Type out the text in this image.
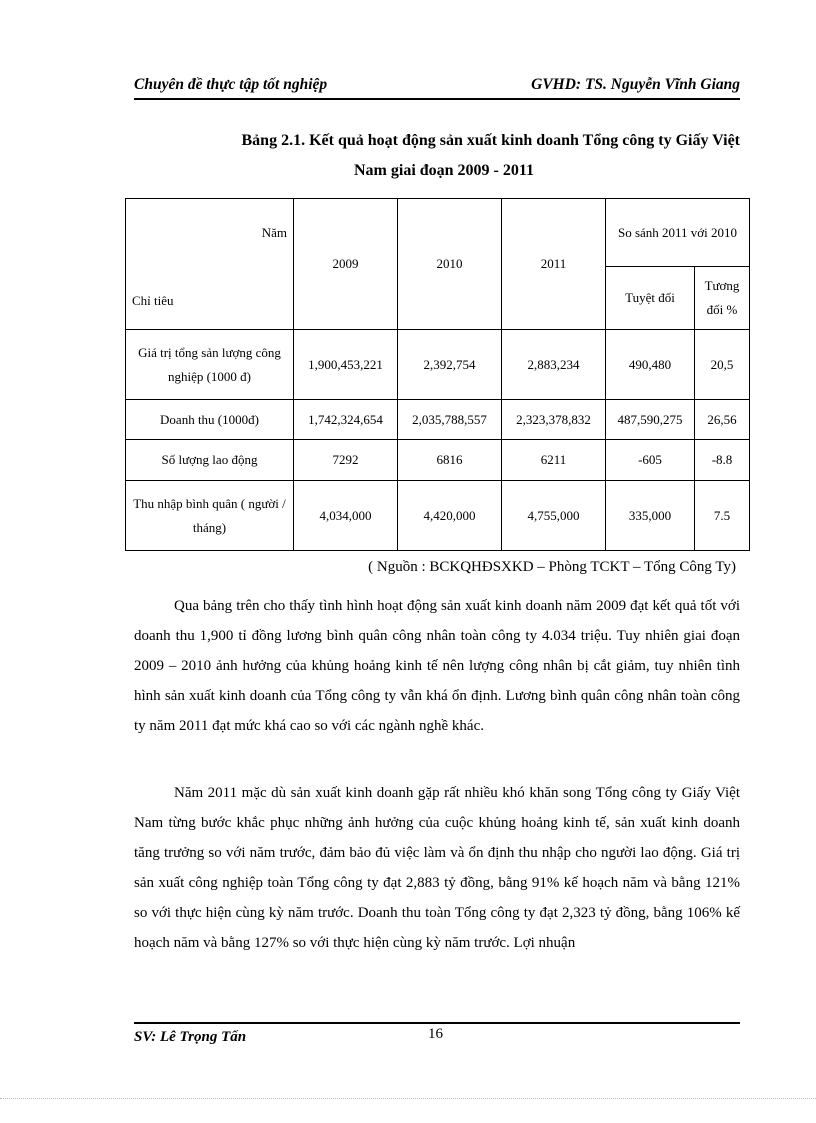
Chuyên đề thực tập tốt nghiệp	GVHD: TS. Nguyễn Vĩnh Giang
Bảng 2.1. Kết quả hoạt động sản xuất kinh doanh Tổng công ty Giấy Việt
Nam giai đoạn 2009 - 2011
Năm
Chỉ tiêu	2009	2010	2011	So sánh 2011 với 2010	
				Tuyệt đối	Tương đối %
Giá trị tổng sản lượng công nghiệp (1000 đ)	1,900,453,221	2,392,754	2,883,234	490,480	20,5
Doanh thu (1000đ)	1,742,324,654	2,035,788,557	2,323,378,832	487,590,275	26,56
Số lượng lao động	7292	6816	6211	-605	-8.8
Thu nhập bình quân ( người / tháng)	4,034,000	4,420,000	4,755,000	335,000	7.5
( Nguồn : BCKQHĐSXKD – Phòng TCKT – Tổng Công Ty)

Qua bảng trên cho thấy tình hình hoạt động sản xuất kinh doanh năm 2009 đạt kết quả tốt với doanh thu 1,900 tỉ đồng lương bình quân công nhân toàn công ty 4.034 triệu. Tuy nhiên giai đoạn 2009 – 2010 ảnh hưởng của khủng hoảng kinh tế nên lượng công nhân bị cắt giảm, tuy nhiên tình hình sản xuất kinh doanh của Tổng công ty vẫn khá ổn định. Lương bình quân công nhân toàn công ty năm 2011 đạt mức khá cao so với các ngành nghề khác.

Năm 2011 mặc dù sản xuất kinh doanh gặp rất nhiều khó khăn song Tổng công ty Giấy Việt Nam từng bước khắc phục những ảnh hưởng của cuộc khủng hoảng kinh tế, sản xuất kinh doanh tăng trưởng so với năm trước, đảm bảo đủ việc làm và ổn định thu nhập cho người lao động. Giá trị sản xuất công nghiệp toàn Tổng công ty đạt 2,883 tỷ đồng, bằng 91% kế hoạch năm và bằng 121% so với thực hiện cùng kỳ năm trước. Doanh thu toàn Tổng công ty đạt 2,323 tỷ đồng, bằng 106% kế hoạch năm và bằng 127% so với thực hiện cùng kỳ năm trước. Lợi nhuận

SV: Lê Trọng Tấn	16
